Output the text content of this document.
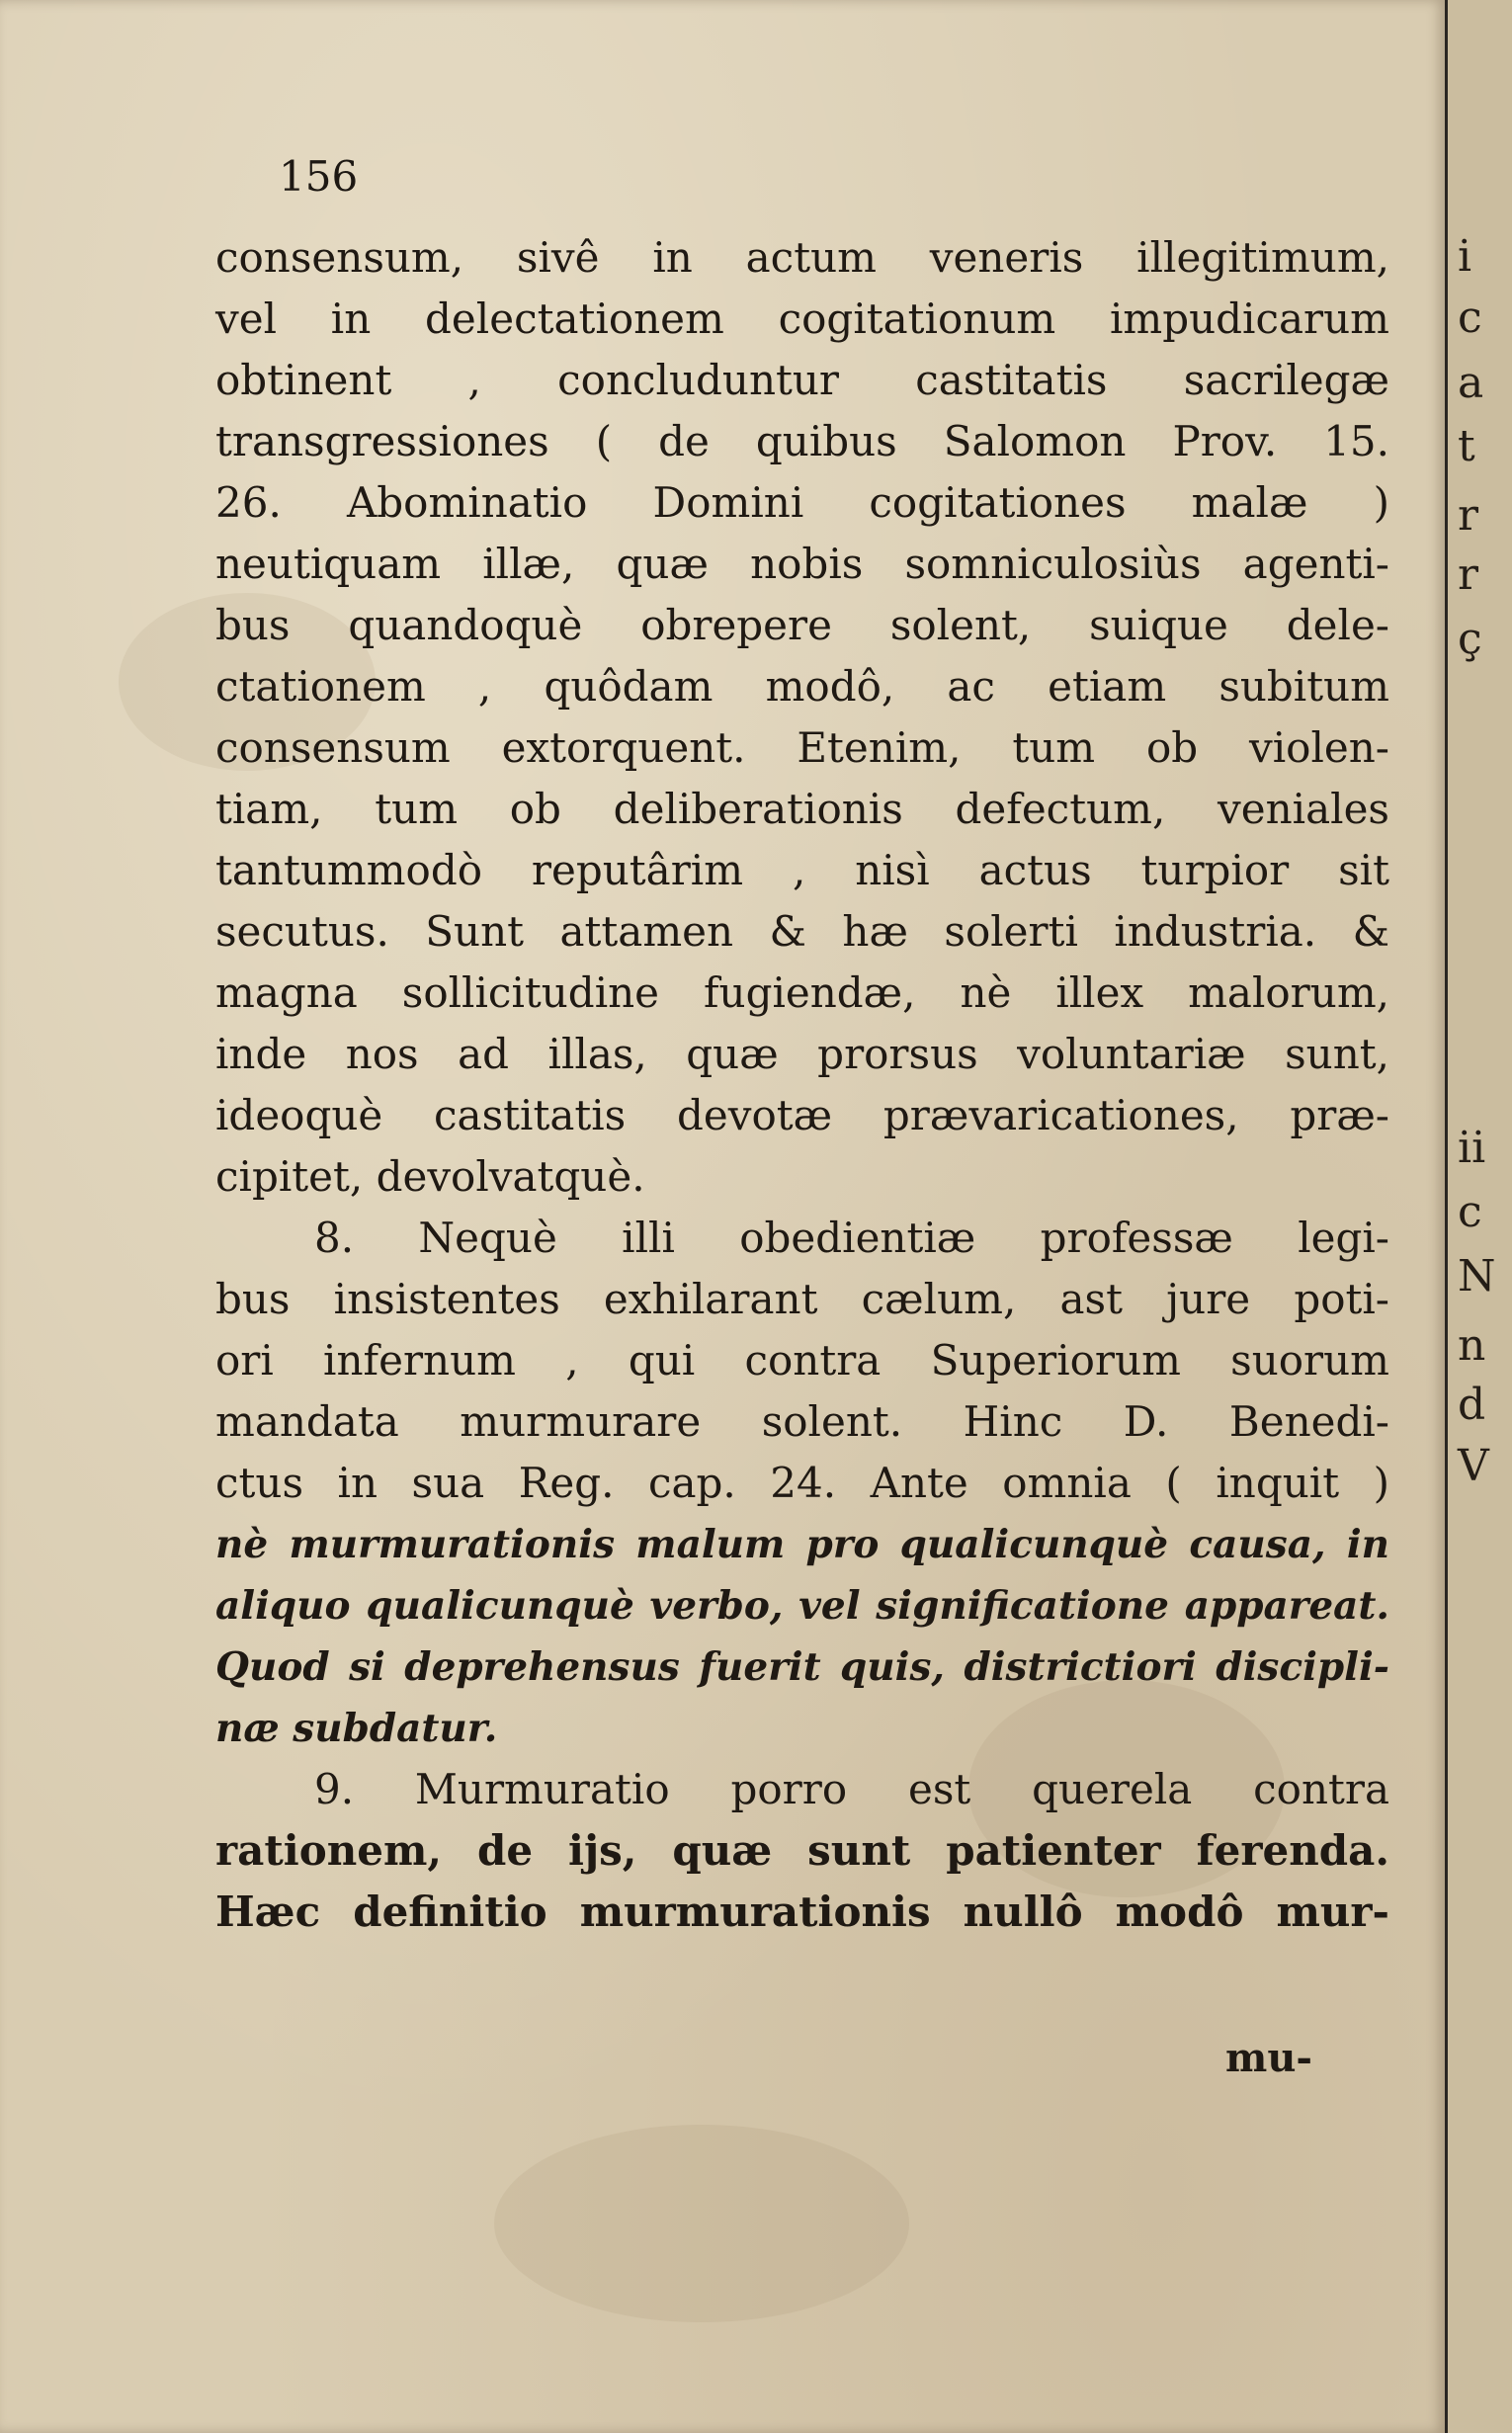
156
consensum, sivê in actum veneris illegitimum,
vel in delectationem cogitationum impudicarum
obtinent , concluduntur castitatis sacrilegæ
transgressiones ( de quibus Salomon Prov. 15.
26. Abominatio Domini cogitationes malæ )
neutiquam illæ, quæ nobis somniculosiùs agenti-
bus quandoquè obrepere solent, suique dele-
ctationem , quôdam modô, ac etiam subitum
consensum extorquent. Etenim, tum ob violen-
tiam, tum ob deliberationis defectum, veniales
tantummodò reputârim , nisì actus turpior sit
secutus. Sunt attamen & hæ solerti industria. &
magna sollicitudine fugiendæ, nè illex malorum,
inde nos ad illas, quæ prorsus voluntariæ sunt,
ideoquè castitatis devotæ prævaricationes, præ-
cipitet, devolvatquè.
8. Nequè illi obedientiæ professæ legi-
bus insistentes exhilarant cælum, ast jure poti-
ori infernum , qui contra Superiorum suorum
mandata murmurare solent. Hinc D. Benedi-
ctus in sua Reg. cap. 24. Ante omnia ( inquit )
nè murmurationis malum pro qualicunquè causa, in
aliquo qualicunquè verbo, vel significatione appareat.
Quod si deprehensus fuerit quis, districtiori discipli-
næ subdatur.
9. Murmuratio porro est querela contra
rationem, de ijs, quæ sunt patienter ferenda.
Hæc definitio murmurationis nullô modô mur-
mu-
i
c
a
t
r
r
ç
ii
c
N
n
d
V
